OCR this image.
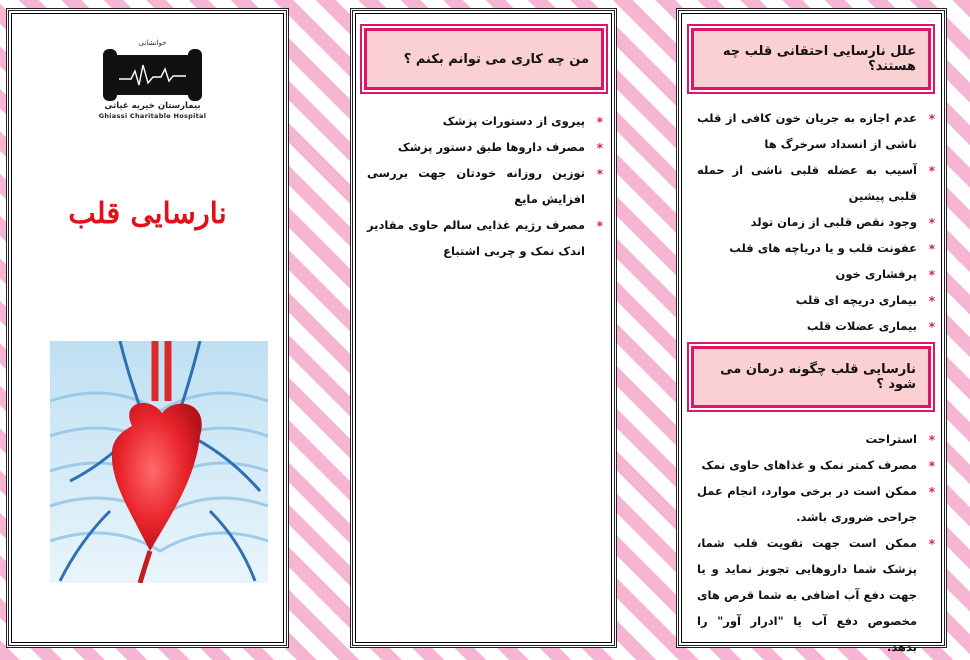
خوانشانی
بیمارستان خیریه غیاثی
Ghiassi Charitable Hospital
نارسایی قلب
من چه کاری می توانم بکنم ؟
* پیروی از دستورات پزشک
* مصرف داروها طبق دستور پزشک
* توزین روزانه خودتان جهت بررسی افزایش مایع
* مصرف رژیم غذایی سالم حاوی مقادیر اندک نمک و چربی اشتباع
علل نارسایی احتقانی قلب چه هستند؟
* عدم اجازه به جریان خون کافی از قلب ناشی از انسداد سرخرگ ها
* آسیب به عضله قلبی ناشی از حمله قلبی پیشین
* وجود نقص قلبی از زمان تولد
* عفونت قلب و یا دریاچه های قلب
* پرفشاری خون
* بیماری دریچه ای قلب
* بیماری عضلات قلب
نارسایی قلب چگونه درمان می شود ؟
* استراحت
* مصرف کمتر نمک و غذاهای حاوی نمک
* ممکن است در برخی موارد، انجام عمل جراحی ضروری باشد.
* ممکن است جهت تقویت قلب شما، پزشک شما داروهایی تجویز نماید و یا جهت دفع آب اضافی به شما قرص های مخصوص دفع آب یا "ادرار آور" را بدهد.
